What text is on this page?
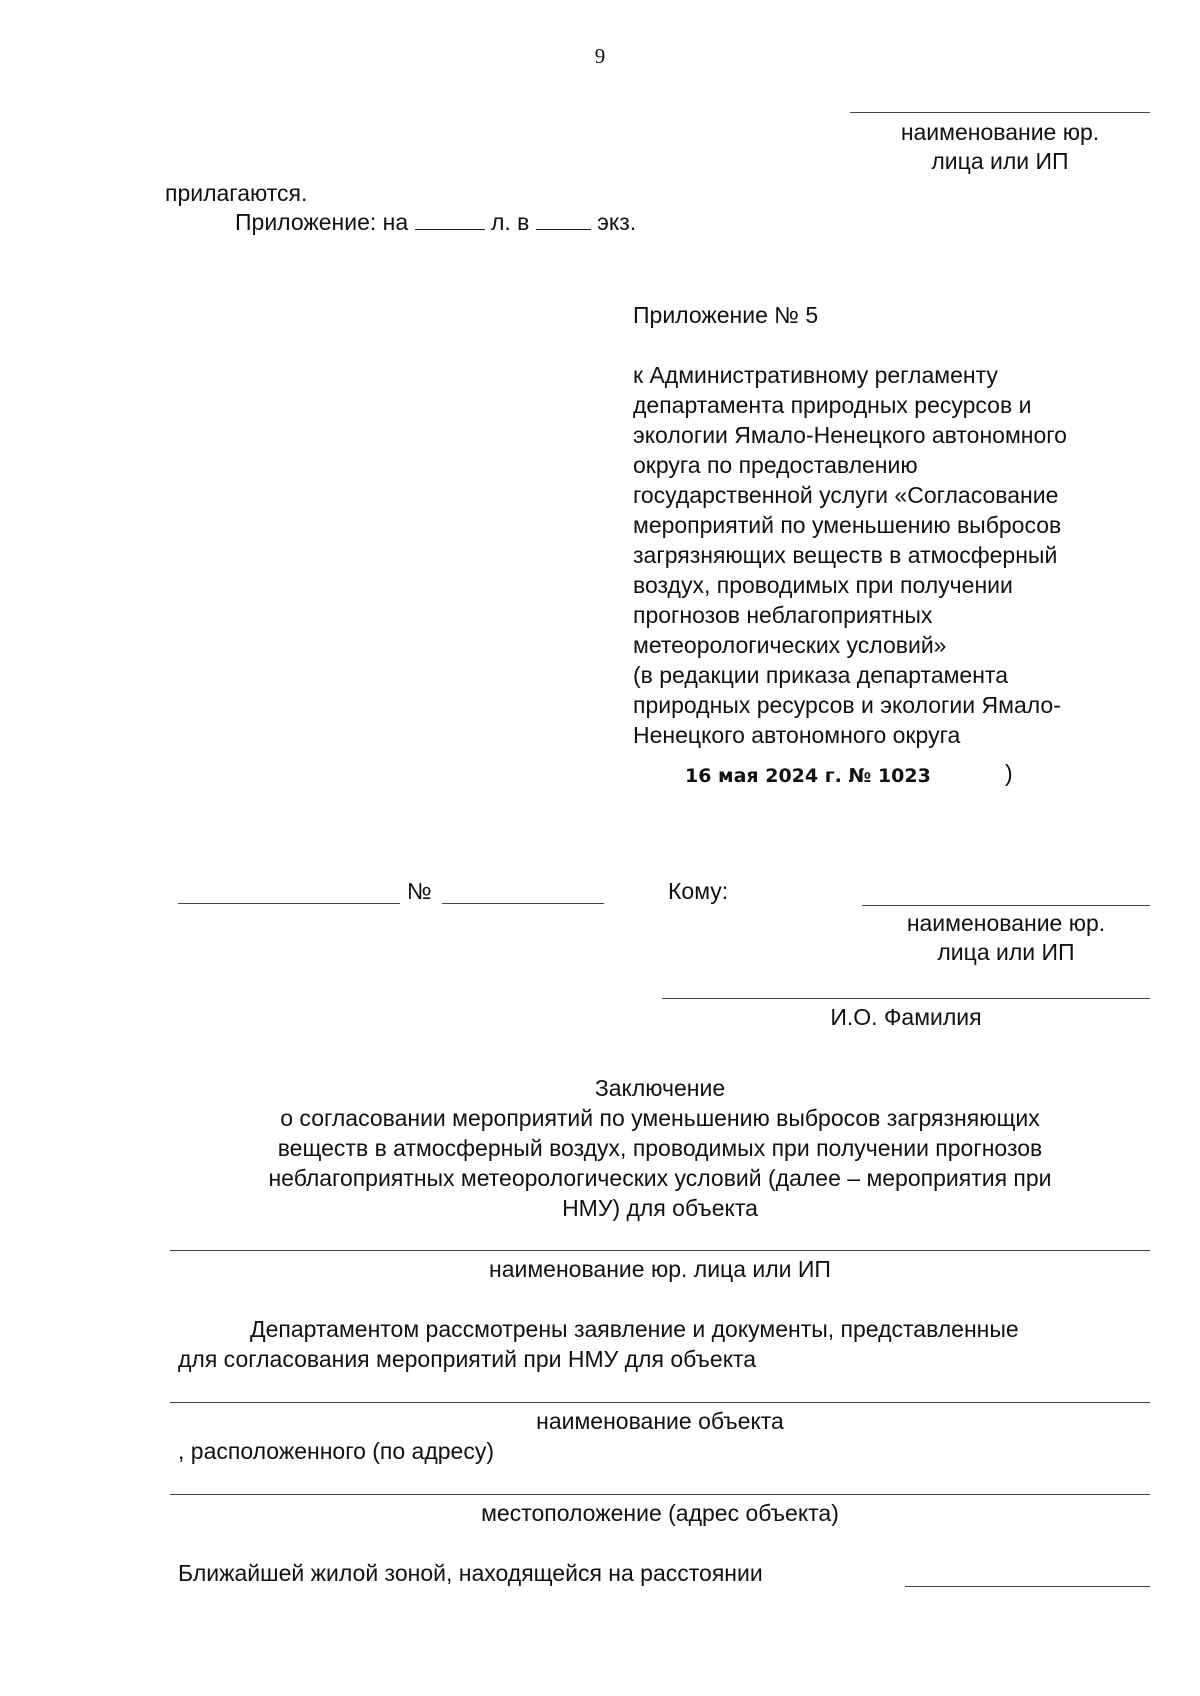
9
наименование юр.
лица или ИП
прилагаются.
Приложение: на	л. в	экз.
Приложение № 5
к Административному регламенту
департамента природных ресурсов и
экологии Ямало-Ненецкого автономного
округа по предоставлению
государственной услуги «Согласование
мероприятий по уменьшению выбросов
загрязняющих веществ в атмосферный
воздух, проводимых при получении
прогнозов неблагоприятных
метеорологических условий»
(в редакции приказа департамента
природных ресурсов и экологии Ямало-
Ненецкого автономного округа
16 мая 2024 г. № 1023	)
№	Кому:
наименование юр.
лица или ИП
И.О. Фамилия
Заключение
о согласовании мероприятий по уменьшению выбросов загрязняющих
веществ в атмосферный воздух, проводимых при получении прогнозов
неблагоприятных метеорологических условий (далее – мероприятия при
НМУ) для объекта
наименование юр. лица или ИП
Департаментом рассмотрены заявление и документы, представленные
для согласования мероприятий при НМУ для объекта
наименование объекта
, расположенного (по адресу)
местоположение (адрес объекта)
Ближайшей жилой зоной, находящейся на расстоянии
